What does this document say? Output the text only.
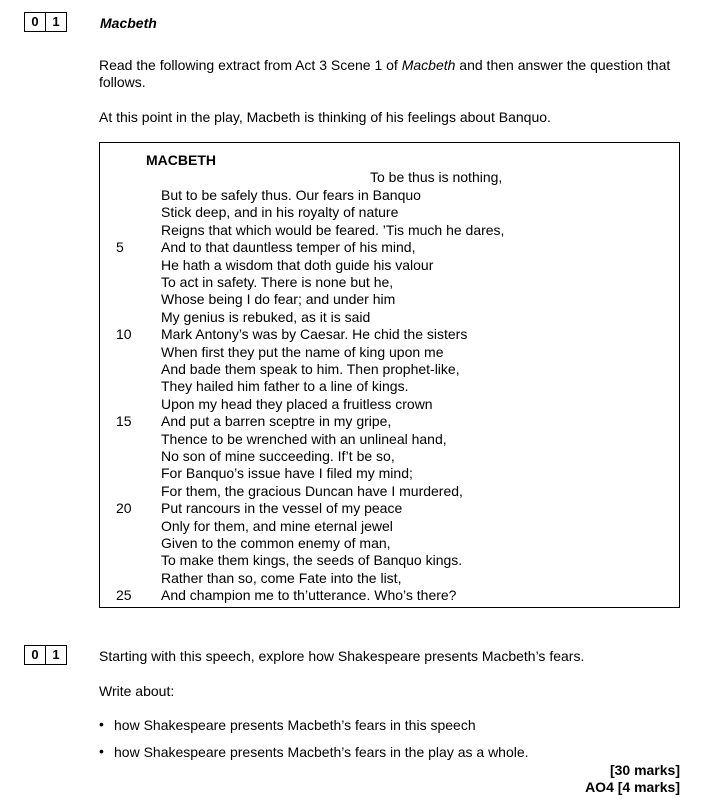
0	1	Macbeth
Read the following extract from Act 3 Scene 1 of Macbeth and then answer the question that follows.
At this point in the play, Macbeth is thinking of his feelings about Banquo.
MACBETH
To be thus is nothing,
But to be safely thus. Our fears in Banquo
Stick deep, and in his royalty of nature
Reigns that which would be feared. ’Tis much he dares,
5	And to that dauntless temper of his mind,
He hath a wisdom that doth guide his valour
To act in safety. There is none but he,
Whose being I do fear; and under him
My genius is rebuked, as it is said
10	Mark Antony’s was by Caesar. He chid the sisters
When first they put the name of king upon me
And bade them speak to him. Then prophet-like,
They hailed him father to a line of kings.
Upon my head they placed a fruitless crown
15	And put a barren sceptre in my gripe,
Thence to be wrenched with an unlineal hand,
No son of mine succeeding. If’t be so,
For Banquo’s issue have I filed my mind;
For them, the gracious Duncan have I murdered,
20	Put rancours in the vessel of my peace
Only for them, and mine eternal jewel
Given to the common enemy of man,
To make them kings, the seeds of Banquo kings.
Rather than so, come Fate into the list,
25	And champion me to th’utterance. Who’s there?
0	1	Starting with this speech, explore how Shakespeare presents Macbeth’s fears.
Write about:
• how Shakespeare presents Macbeth’s fears in this speech
• how Shakespeare presents Macbeth’s fears in the play as a whole.
[30 marks]
AO4 [4 marks]
